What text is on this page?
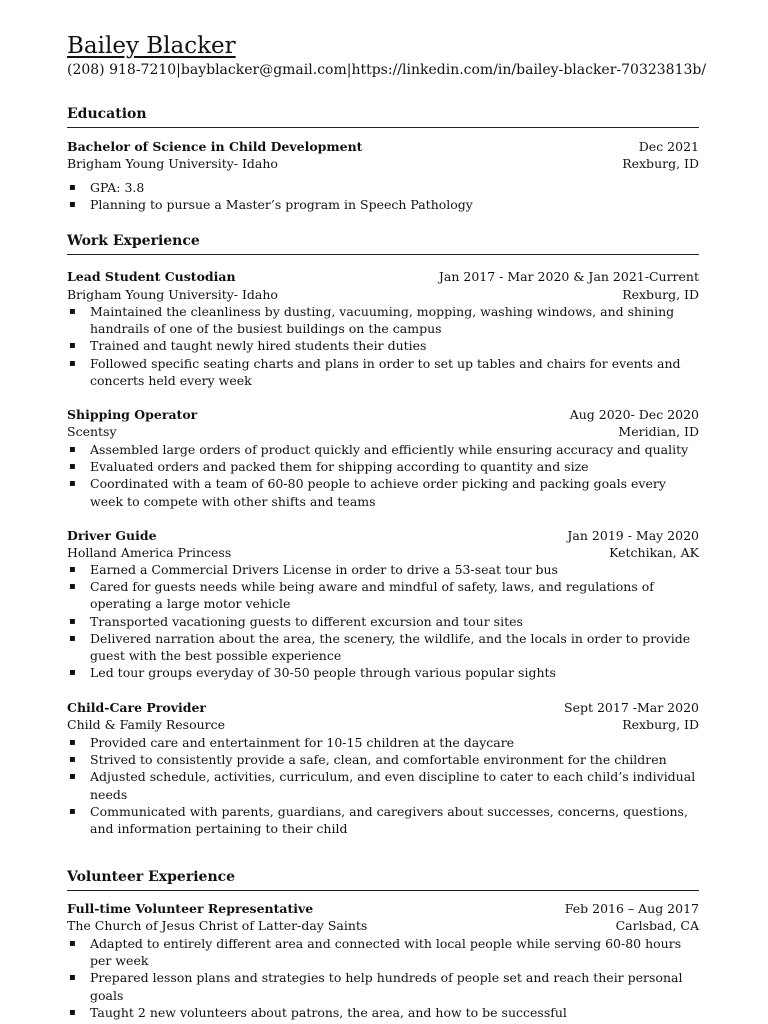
Bailey Blacker
(208) 918-7210|bayblacker@gmail.com|https://linkedin.com/in/bailey-blacker-70323813b/
Education
Bachelor of Science in Child Development	Dec 2021
Brigham Young University- Idaho	Rexburg, ID
▪ GPA: 3.8
▪ Planning to pursue a Master’s program in Speech Pathology
Work Experience
Lead Student Custodian	Jan 2017 - Mar 2020 & Jan 2021-Current
Brigham Young University- Idaho	Rexburg, ID
▪ Maintained the cleanliness by dusting, vacuuming, mopping, washing windows, and shining handrails of one of the busiest buildings on the campus
▪ Trained and taught newly hired students their duties
▪ Followed specific seating charts and plans in order to set up tables and chairs for events and concerts held every week
Shipping Operator	Aug 2020- Dec 2020
Scentsy	Meridian, ID
▪ Assembled large orders of product quickly and efficiently while ensuring accuracy and quality
▪ Evaluated orders and packed them for shipping according to quantity and size
▪ Coordinated with a team of 60-80 people to achieve order picking and packing goals every week to compete with other shifts and teams
Driver Guide	Jan 2019 - May 2020
Holland America Princess	Ketchikan, AK
▪ Earned a Commercial Drivers License in order to drive a 53-seat tour bus
▪ Cared for guests needs while being aware and mindful of safety, laws, and regulations of operating a large motor vehicle
▪ Transported vacationing guests to different excursion and tour sites
▪ Delivered narration about the area, the scenery, the wildlife, and the locals in order to provide guest with the best possible experience
▪ Led tour groups everyday of 30-50 people through various popular sights
Child-Care Provider	Sept 2017 -Mar 2020
Child & Family Resource	Rexburg, ID
▪ Provided care and entertainment for 10-15 children at the daycare
▪ Strived to consistently provide a safe, clean, and comfortable environment for the children
▪ Adjusted schedule, activities, curriculum, and even discipline to cater to each child’s individual needs
▪ Communicated with parents, guardians, and caregivers about successes, concerns, questions, and information pertaining to their child
Volunteer Experience
Full-time Volunteer Representative	Feb 2016 – Aug 2017
The Church of Jesus Christ of Latter-day Saints	Carlsbad, CA
▪ Adapted to entirely different area and connected with local people while serving 60-80 hours per week
▪ Prepared lesson plans and strategies to help hundreds of people set and reach their personal goals
▪ Taught 2 new volunteers about patrons, the area, and how to be successful
